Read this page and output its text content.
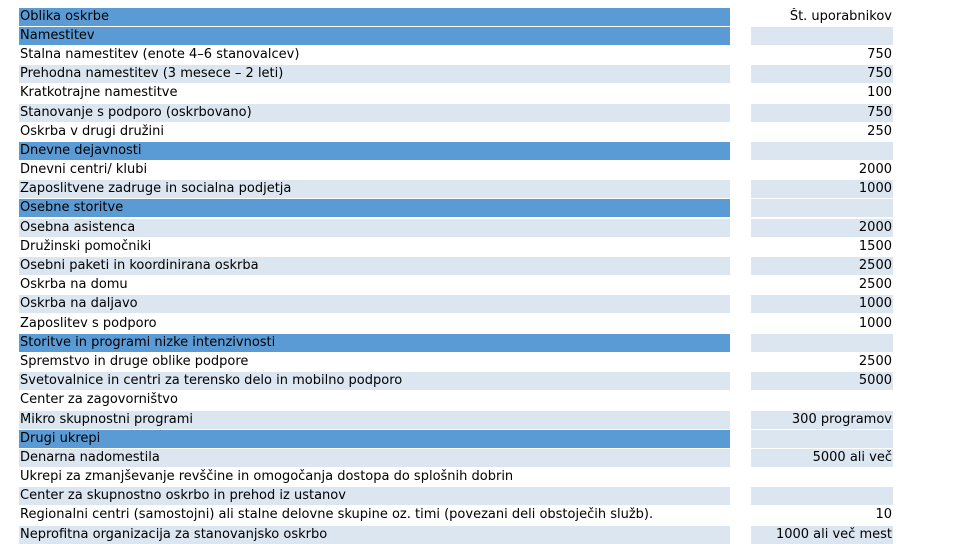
Oblika oskrbe	Št. uporabnikov
Namestitev
Stalna namestitev (enote 4–6 stanovalcev)	750
Prehodna namestitev (3 mesece – 2 leti)	750
Kratkotrajne namestitve	100
Stanovanje s podporo (oskrbovano)	750
Oskrba v drugi družini	250
Dnevne dejavnosti
Dnevni centri/ klubi	2000
Zaposlitvene zadruge in socialna podjetja	1000
Osebne storitve
Osebna asistenca	2000
Družinski pomočniki	1500
Osebni paketi in koordinirana oskrba	2500
Oskrba na domu	2500
Oskrba na daljavo	1000
Zaposlitev s podporo	1000
Storitve in programi nizke intenzivnosti
Spremstvo in druge oblike podpore	2500
Svetovalnice in centri za terensko delo in mobilno podporo	5000
Center za zagovorništvo
Mikro skupnostni programi	300 programov
Drugi ukrepi
Denarna nadomestila	5000 ali več
Ukrepi za zmanjševanje revščine in omogočanja dostopa do splošnih dobrin
Center za skupnostno oskrbo in prehod iz ustanov
Regionalni centri (samostojni) ali stalne delovne skupine oz. timi (povezani deli obstoječih služb).	10
Neprofitna organizacija za stanovanjsko oskrbo	1000 ali več mest
